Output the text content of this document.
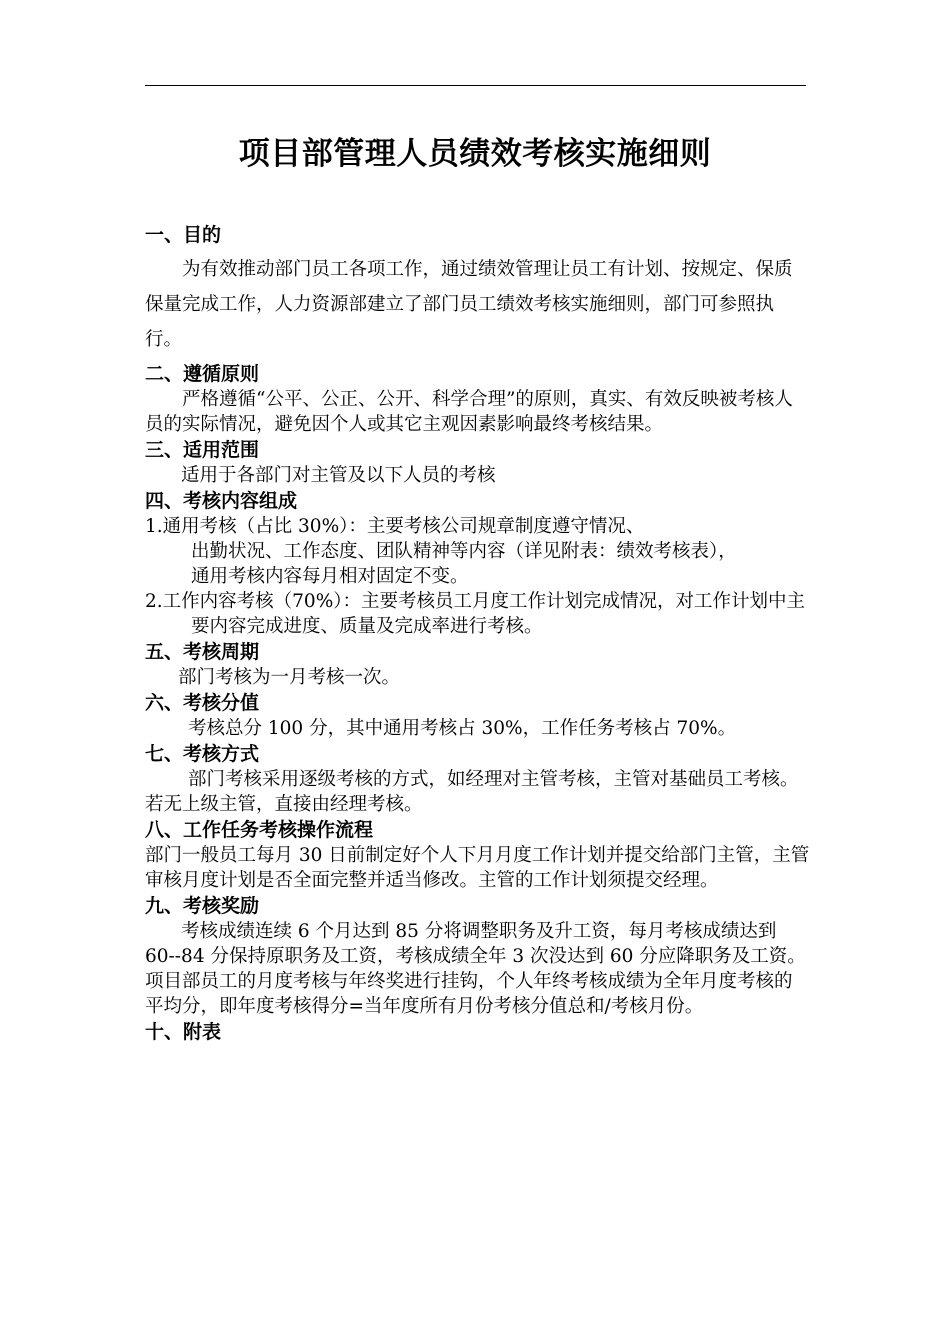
项目部管理人员绩效考核实施细则

一、目的

为有效推动部门员工各项工作，通过绩效管理让员工有计划、按规定、保质保量完成工作，人力资源部建立了部门员工绩效考核实施细则，部门可参照执行。

二、遵循原则

严格遵循“公平、公正、公开、科学合理”的原则，真实、有效反映被考核人员的实际情况，避免因个人或其它主观因素影响最终考核结果。

三、适用范围

适用于各部门对主管及以下人员的考核

四、考核内容组成

1.通用考核（占比 30%）：主要考核公司规章制度遵守情况、

出勤状况、工作态度、团队精神等内容（详见附表：绩效考核表），

通用考核内容每月相对固定不变。

2.工作内容考核（70%）：主要考核员工月度工作计划完成情况，对工作计划中主要内容完成进度、质量及完成率进行考核。

五、考核周期

部门考核为一月考核一次。

六、考核分值

考核总分 100 分，其中通用考核占 30%，工作任务考核占 70%。

七、考核方式

部门考核采用逐级考核的方式，如经理对主管考核，主管对基础员工考核。若无上级主管，直接由经理考核。

八、工作任务考核操作流程

部门一般员工每月 30 日前制定好个人下月月度工作计划并提交给部门主管，主管审核月度计划是否全面完整并适当修改。主管的工作计划须提交经理。

九、考核奖励

考核成绩连续 6 个月达到 85 分将调整职务及升工资，每月考核成绩达到 60--84 分保持原职务及工资，考核成绩全年 3 次没达到 60 分应降职务及工资。项目部员工的月度考核与年终奖进行挂钩，个人年终考核成绩为全年月度考核的平均分，即年度考核得分=当年度所有月份考核分值总和/考核月份。

十、附表
